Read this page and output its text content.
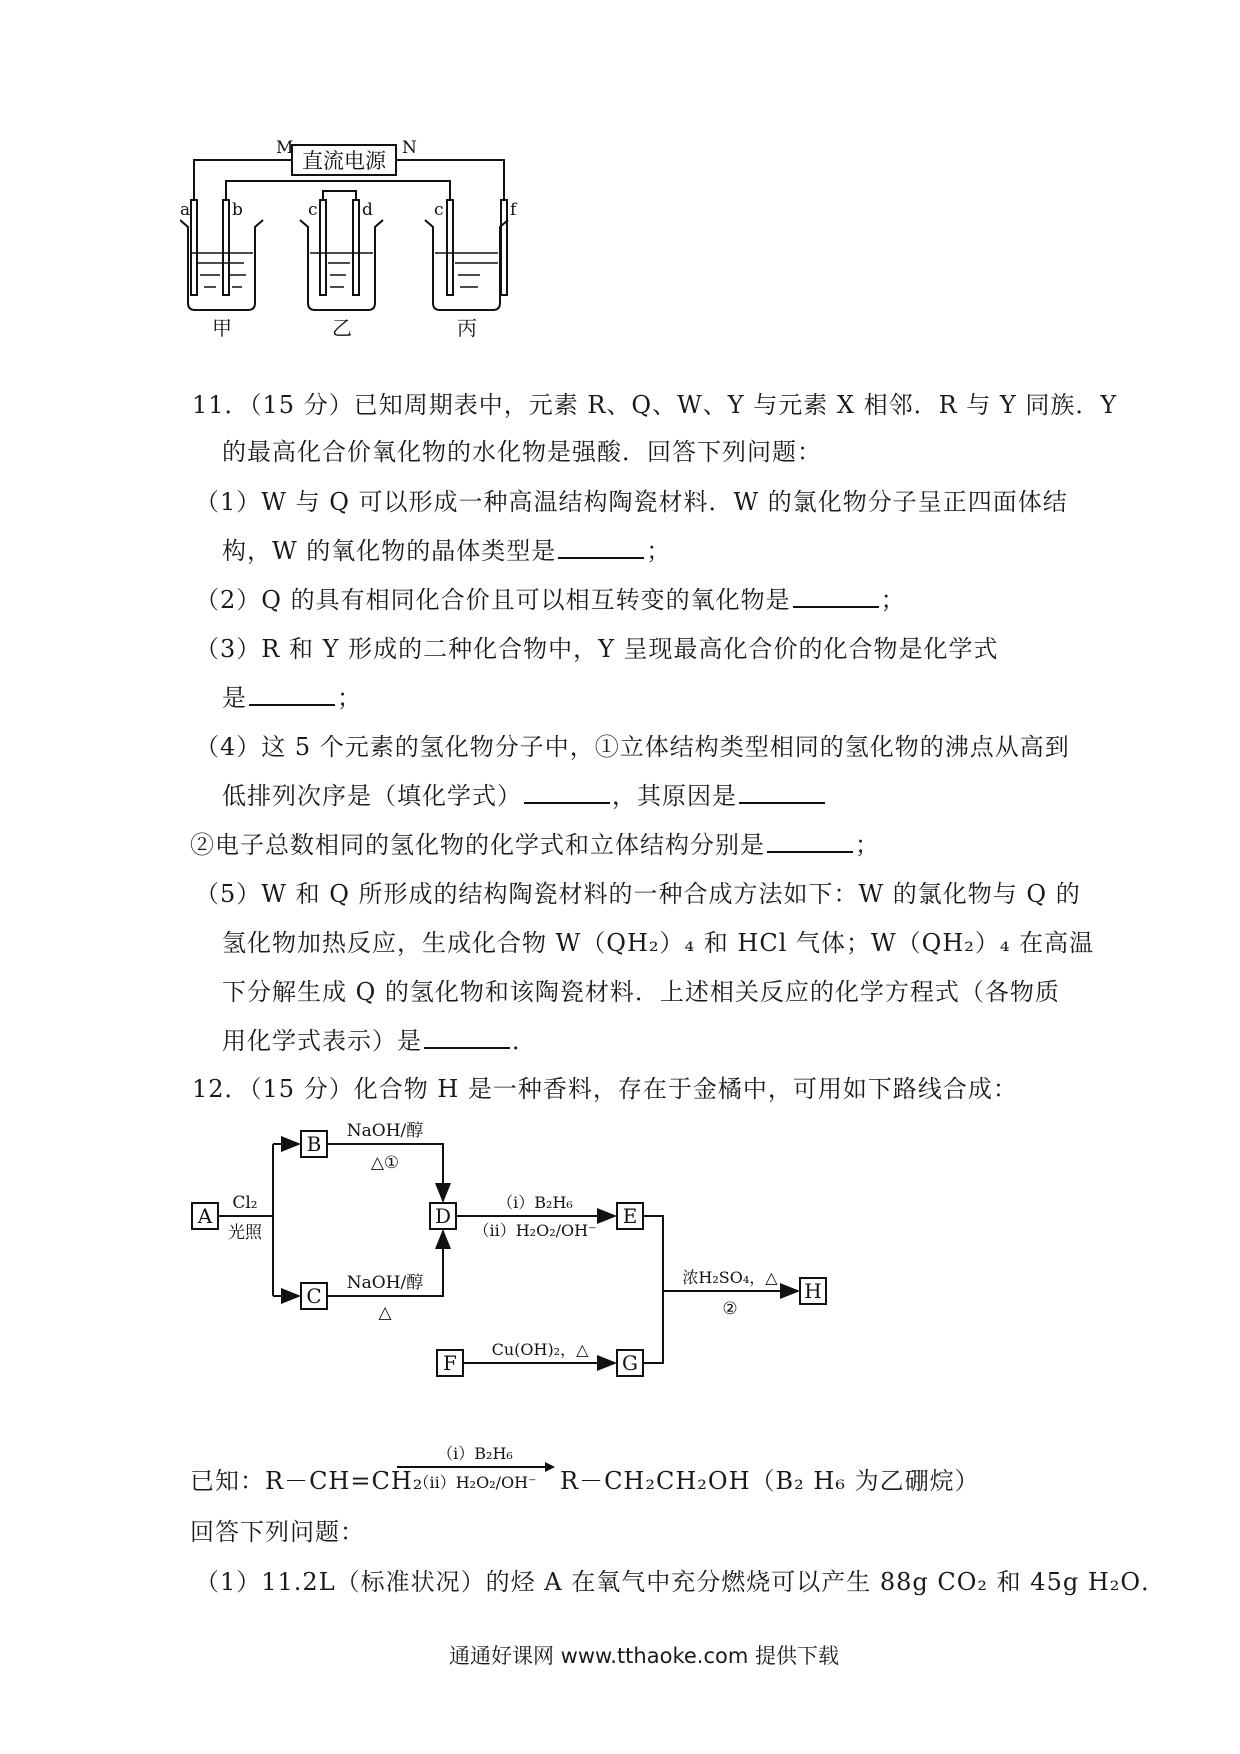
直流电源
M	N
a b	c	d	c	f
甲	乙	丙
11．（15 分）已知周期表中，元素 R、Q、W、Y 与元素 X 相邻．R 与 Y 同族．Y
的最高化合价氧化物的水化物是强酸．回答下列问题：
（1）W 与 Q 可以形成一种高温结构陶瓷材料．W 的氯化物分子呈正四面体结
构，W 的氧化物的晶体类型是	；
（2）Q 的具有相同化合价且可以相互转变的氧化物是	；
（3）R 和 Y 形成的二种化合物中，Y 呈现最高化合价的化合物是化学式
是	；
（4）这 5 个元素的氢化物分子中，①立体结构类型相同的氢化物的沸点从高到
低排列次序是（填化学式）	，其原因是
②电子总数相同的氢化物的化学式和立体结构分别是	；
（5）W 和 Q 所形成的结构陶瓷材料的一种合成方法如下：W 的氯化物与 Q 的
氢化物加热反应，生成化合物 W（QH₂）₄ 和 HCl 气体；W（QH₂）₄ 在高温
下分解生成 Q 的氢化物和该陶瓷材料．上述相关反应的化学方程式（各物质
用化学式表示）是	．
12．（15 分）化合物 H 是一种香料，存在于金橘中，可用如下路线合成：
A
B
C
D	E
F	G
H
Cl₂
光照
NaOH/醇
△①
NaOH/醇
△
（ⅰ）B₂H₆
（ⅱ）H₂O₂/OH⁻
浓H₂SO₄，△
②
Cu(OH)₂，△
已知：R－CH=CH₂
（ⅰ）B₂H₆
（ⅱ）H₂O₂/OH⁻ R－CH₂CH₂OH（B₂ H₆ 为乙硼烷）
回答下列问题：
（1）11.2L（标准状况）的烃 A 在氧气中充分燃烧可以产生 88g CO₂ 和 45g H₂O．
通通好课网 www.tthaoke.com 提供下载
